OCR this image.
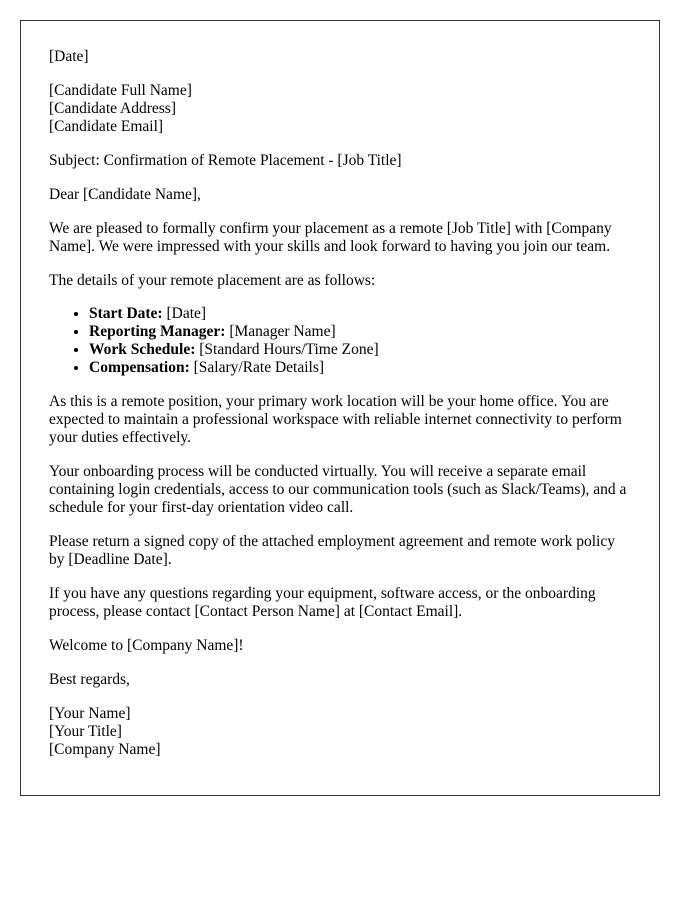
[Date]

[Candidate Full Name]
[Candidate Address]
[Candidate Email]

Subject: Confirmation of Remote Placement - [Job Title]

Dear [Candidate Name],

We are pleased to formally confirm your placement as a remote [Job Title] with [Company Name]. We were impressed with your skills and look forward to having you join our team.

The details of your remote placement are as follows:

• Start Date: [Date]
• Reporting Manager: [Manager Name]
• Work Schedule: [Standard Hours/Time Zone]
• Compensation: [Salary/Rate Details]

As this is a remote position, your primary work location will be your home office. You are expected to maintain a professional workspace with reliable internet connectivity to perform your duties effectively.

Your onboarding process will be conducted virtually. You will receive a separate email containing login credentials, access to our communication tools (such as Slack/Teams), and a schedule for your first-day orientation video call.

Please return a signed copy of the attached employment agreement and remote work policy by [Deadline Date].

If you have any questions regarding your equipment, software access, or the onboarding process, please contact [Contact Person Name] at [Contact Email].

Welcome to [Company Name]!

Best regards,

[Your Name]
[Your Title]
[Company Name]
